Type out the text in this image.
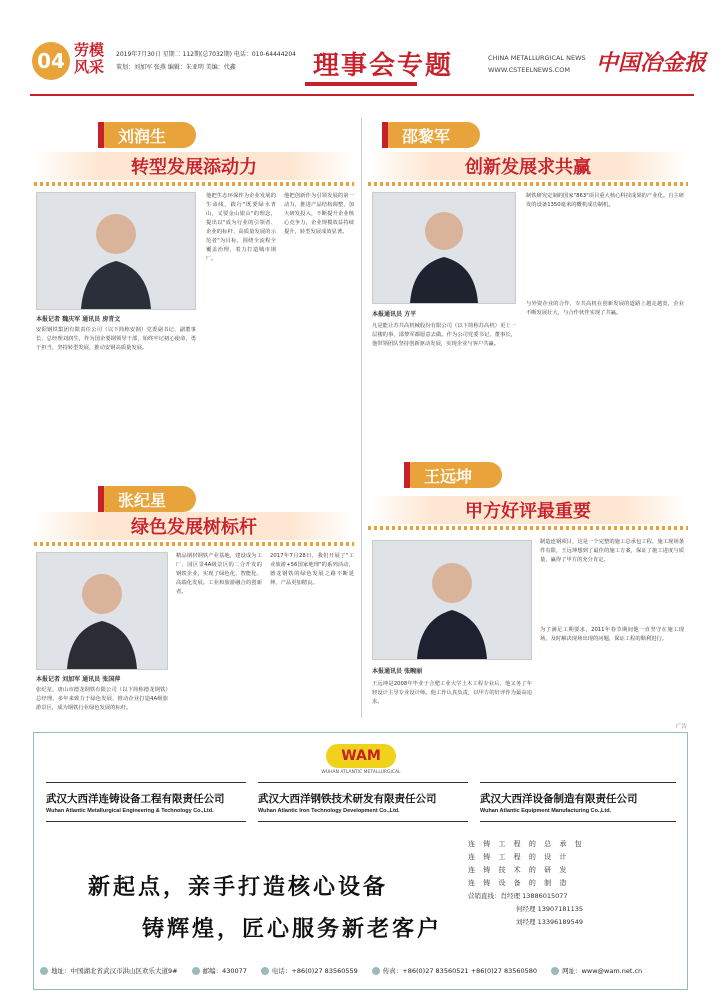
04 劳模风采
2019年7月30日 星期二 112期(总7032期) 电话：010-64444204
策划：刘加军 张燕 编辑：朱亚明 美编：代鑫	理事会专题	CHINA METALLURGICAL NEWS
WWW.CSTEELNEWS.COM	中国冶金报
刘润生
转型发展添动力
本报记者 魏庆军 通讯员 房青文
安阳钢铁集团有限责任公司（以下简称安钢）党委副书记、副董事长、总经理刘润生，作为国企要钢领导干部，始终牢记初心使命，勇于担当，坚持转型发展，推动安钢高质量发展。
他把生态环保作为企业发展的生命线，践行"既要绿水青山，又要金山银山"的理念，提出以"成为行业的引领者、企业的标杆、高质量发展的示范者"为目标，围绕全流程全覆盖治理，着力打造城市钢厂。
他把创新作为引领发展的第一动力，推进产品结构调整、加大研发投入，不断提升企业核心竞争力，企业规模效益持续提升，转型发展成效显著。
邵黎军
创新发展求共赢
本报通讯员 方平
凡是能让苏共高机械股份有限公司（以下简称苏高机）更上一层楼的事，邵黎军都愿意去做。作为公司党委书记、董事长，他带领团队坚持创新驱动发展，实现企业与客户共赢。
制铁研究定制的国家"863"项目重大核心科技成果的产业化。自主研发的设备1350毫米的概机成功制机。
与外资企业的合作，专共高机在创新发展的道路上越走越宽，企业不断发展壮大，与合作伙伴实现了共赢。
张纪星
绿色发展树标杆
本报记者 刘加军 通讯员 张国萍
张纪星，唐山市德龙钢铁有限公司（以下简称德龙钢铁）总经理，多年来致力于绿色发展，推动企业打造4A级旅游景区，成为钢铁行业绿色发展的标杆。
精品钢材钢铁产业基地，建设成为工厂、园区景4A级景区的二合开发的钢铁企业，实现了绿色化、智能化、高端化发展。工业和旅游融合的创新者。
2017年7月28日，我们开展了"工业旅游+56国家地理"的系列活动，德龙钢铁的绿色发展之路不断延伸，产品更加精良。
王远坤
甲方好评最重要
本报通讯员 张畹丽
王远坤是2008年毕业于合肥工业大学土木工程专业后，他又务了年轻设计主导专业设计师。他工作认真负责，以甲方的好评作为最高追求。
制造连钢项目，这是一个完整的施工总承包工程，施工现场条件有限，王远坤想到了最佳的施工方案，保证了施工进度与质量，赢得了甲方的充分肯定。
为了满足工期要求，2011年春节期间他一直坚守在施工现场，及时解决现场出现的问题，保证工程的顺利进行。
广告
WAM
WUHAN ATLANTIC METALLURGICAL
武汉大西洋连铸设备工程有限责任公司
Wuhan Atlantic Metallurgical Engineering & Technology Co.,Ltd.
武汉大西洋钢铁技术研发有限责任公司
Wuhan Atlantic Iron Technology Development Co.,Ltd.
武汉大西洋设备制造有限责任公司
Wuhan Atlantic Equipment Manufacturing Co.,Ltd.
新起点，亲手打造核心设备
铸辉煌，匠心服务新老客户
连 铸 工 程 的 总 承 包
连 铸 工 程 的 设 计
连 铸 技 术 的 研 发
连 铸 设 备 的 制 造
营销直线：肖经理 13886015077
何经理 13907181135
刘经理 13396189549
地址：中国湖北省武汉市洪山区欢乐大道9#	邮编：430077	电话：+86(0)27 83560559	传真：+86(0)27 83560521 +86(0)27 83560580	网址：www@wam.net.cn
